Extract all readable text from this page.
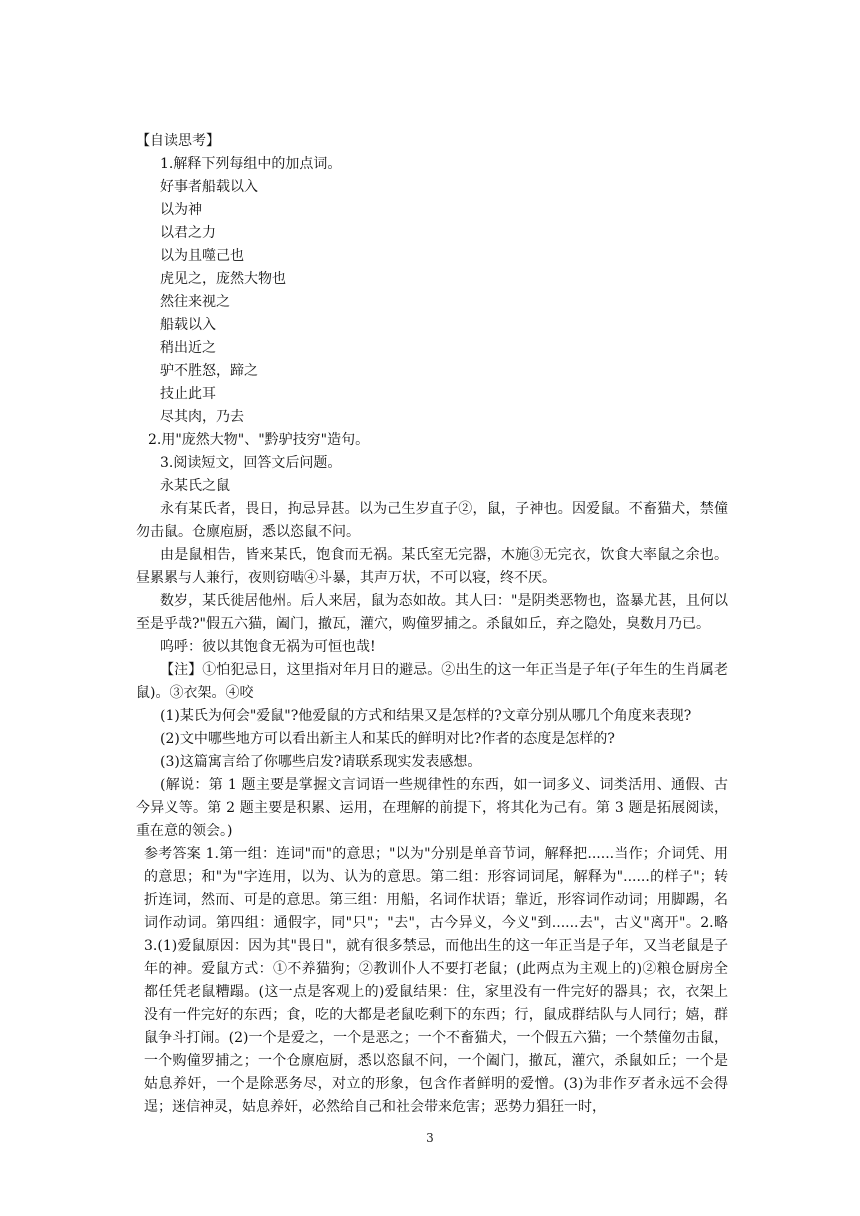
【自读思考】
1.解释下列每组中的加点词。
好事者船载以入
以为神
以君之力
以为且噬己也
虎见之，庞然大物也
然往来视之
船载以入
稍出近之
驴不胜怒，蹄之
技止此耳
尽其肉，乃去
2.用"庞然大物"、"黔驴技穷"造句。
3.阅读短文，回答文后问题。
永某氏之鼠

永有某氏者，畏日，拘忌异甚。以为己生岁直子②，鼠，子神也。因爱鼠。不畜猫犬，禁僮勿击鼠。仓廪庖厨，悉以恣鼠不问。

由是鼠相告，皆来某氏，饱食而无祸。某氏室无完器，木施③无完衣，饮食大率鼠之余也。昼累累与人兼行，夜则窃啮④斗暴，其声万状，不可以寝，终不厌。

数岁，某氏徙居他州。后人来居，鼠为态如故。其人曰："是阴类恶物也，盗暴尤甚，且何以至是乎哉?"假五六猫，阖门，撤瓦，灌穴，购僮罗捕之。杀鼠如丘，弃之隐处，臭数月乃已。

呜呼：彼以其饱食无祸为可恒也哉!

【注】①怕犯忌日，这里指对年月日的避忌。②出生的这一年正当是子年(子年生的生肖属老鼠)。③衣架。④咬

(1)某氏为何会"爱鼠"?他爱鼠的方式和结果又是怎样的?文章分别从哪几个角度来表现?

(2)文中哪些地方可以看出新主人和某氏的鲜明对比?作者的态度是怎样的?

(3)这篇寓言给了你哪些启发?请联系现实发表感想。

(解说：第 1 题主要是掌握文言词语一些规律性的东西，如一词多义、词类活用、通假、古今异义等。第 2 题主要是积累、运用，在理解的前提下，将其化为己有。第 3 题是拓展阅读，重在意的领会。)

参考答案 1.第一组：连词"而"的意思；"以为"分别是单音节词，解释把......当作；介词凭、用的意思；和"为"字连用，以为、认为的意思。第二组：形容词词尾，解释为"......的样子"；转折连词，然而、可是的意思。第三组：用船，名词作状语；靠近，形容词作动词；用脚踢，名词作动词。第四组：通假字，同"只"；"去"，古今异义，今义"到......去"，古义"离开"。2.略 3.(1)爱鼠原因：因为其"畏日"，就有很多禁忌，而他出生的这一年正当是子年，又当老鼠是子年的神。爱鼠方式：①不养猫狗；②教训仆人不要打老鼠；(此两点为主观上的)②粮仓厨房全都任凭老鼠糟蹋。(这一点是客观上的)爱鼠结果：住，家里没有一件完好的器具；衣，衣架上没有一件完好的东西；食，吃的大都是老鼠吃剩下的东西；行，鼠成群结队与人同行；嬉，群鼠争斗打闹。(2)一个是爱之，一个是恶之；一个不畜猫犬，一个假五六猫；一个禁僮勿击鼠，一个购僮罗捕之；一个仓廪庖厨，悉以恣鼠不问，一个阖门，撤瓦，灌穴，杀鼠如丘；一个是姑息养奸，一个是除恶务尽，对立的形象，包含作者鲜明的爱憎。(3)为非作歹者永远不会得逞；迷信神灵，姑息养奸，必然给自己和社会带来危害；恶势力猖狂一时，

3
